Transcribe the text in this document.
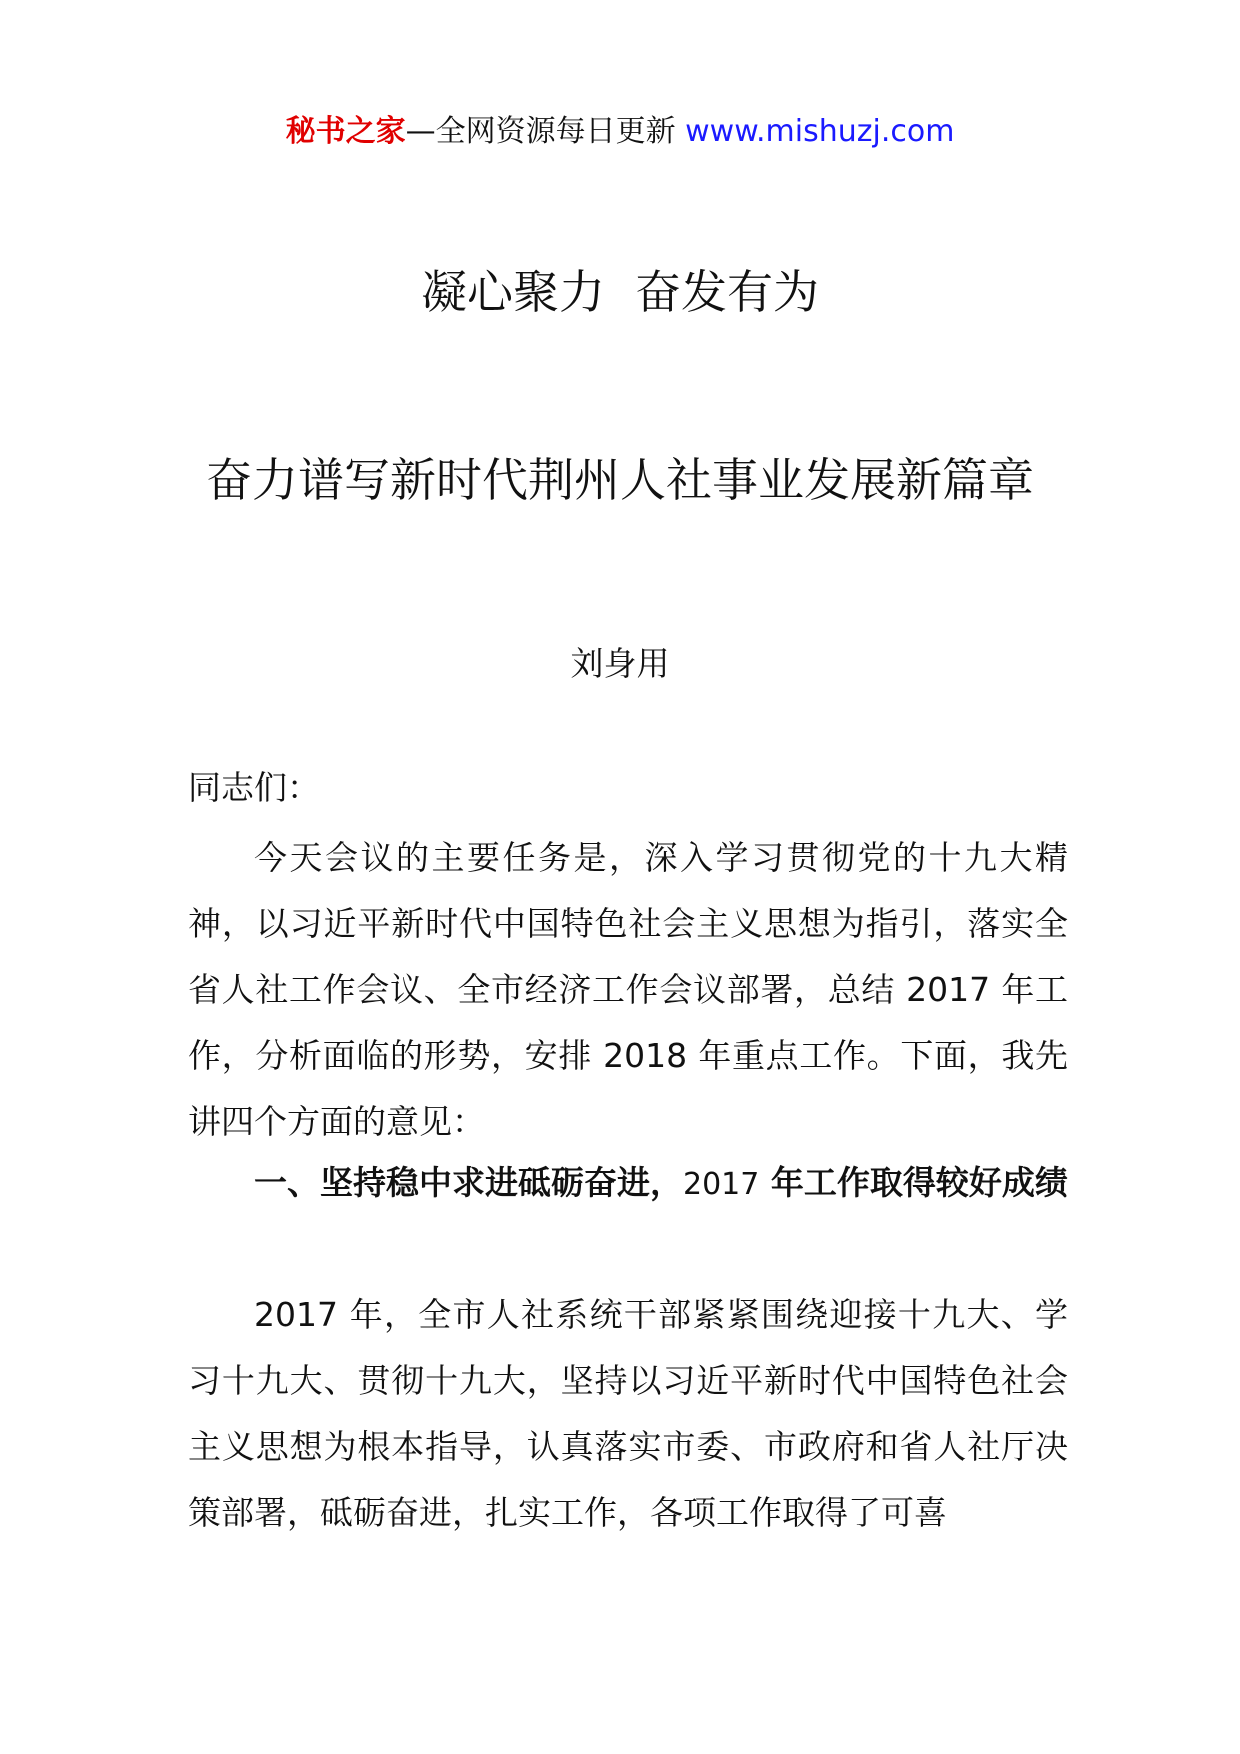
秘书之家—全网资源每日更新 www.mishuzj.com
凝心聚力 奋发有为
奋力谱写新时代荆州人社事业发展新篇章
刘身用
同志们：
今天会议的主要任务是，深入学习贯彻党的十九大精神，以习近平新时代中国特色社会主义思想为指引，落实全省人社工作会议、全市经济工作会议部署，总结 2017 年工作，分析面临的形势，安排 2018 年重点工作。下面，我先讲四个方面的意见：
一、坚持稳中求进砥砺奋进，2017 年工作取得较好成绩
2017 年，全市人社系统干部紧紧围绕迎接十九大、学习十九大、贯彻十九大，坚持以习近平新时代中国特色社会主义思想为根本指导，认真落实市委、市政府和省人社厅决策部署，砥砺奋进，扎实工作，各项工作取得了可喜
